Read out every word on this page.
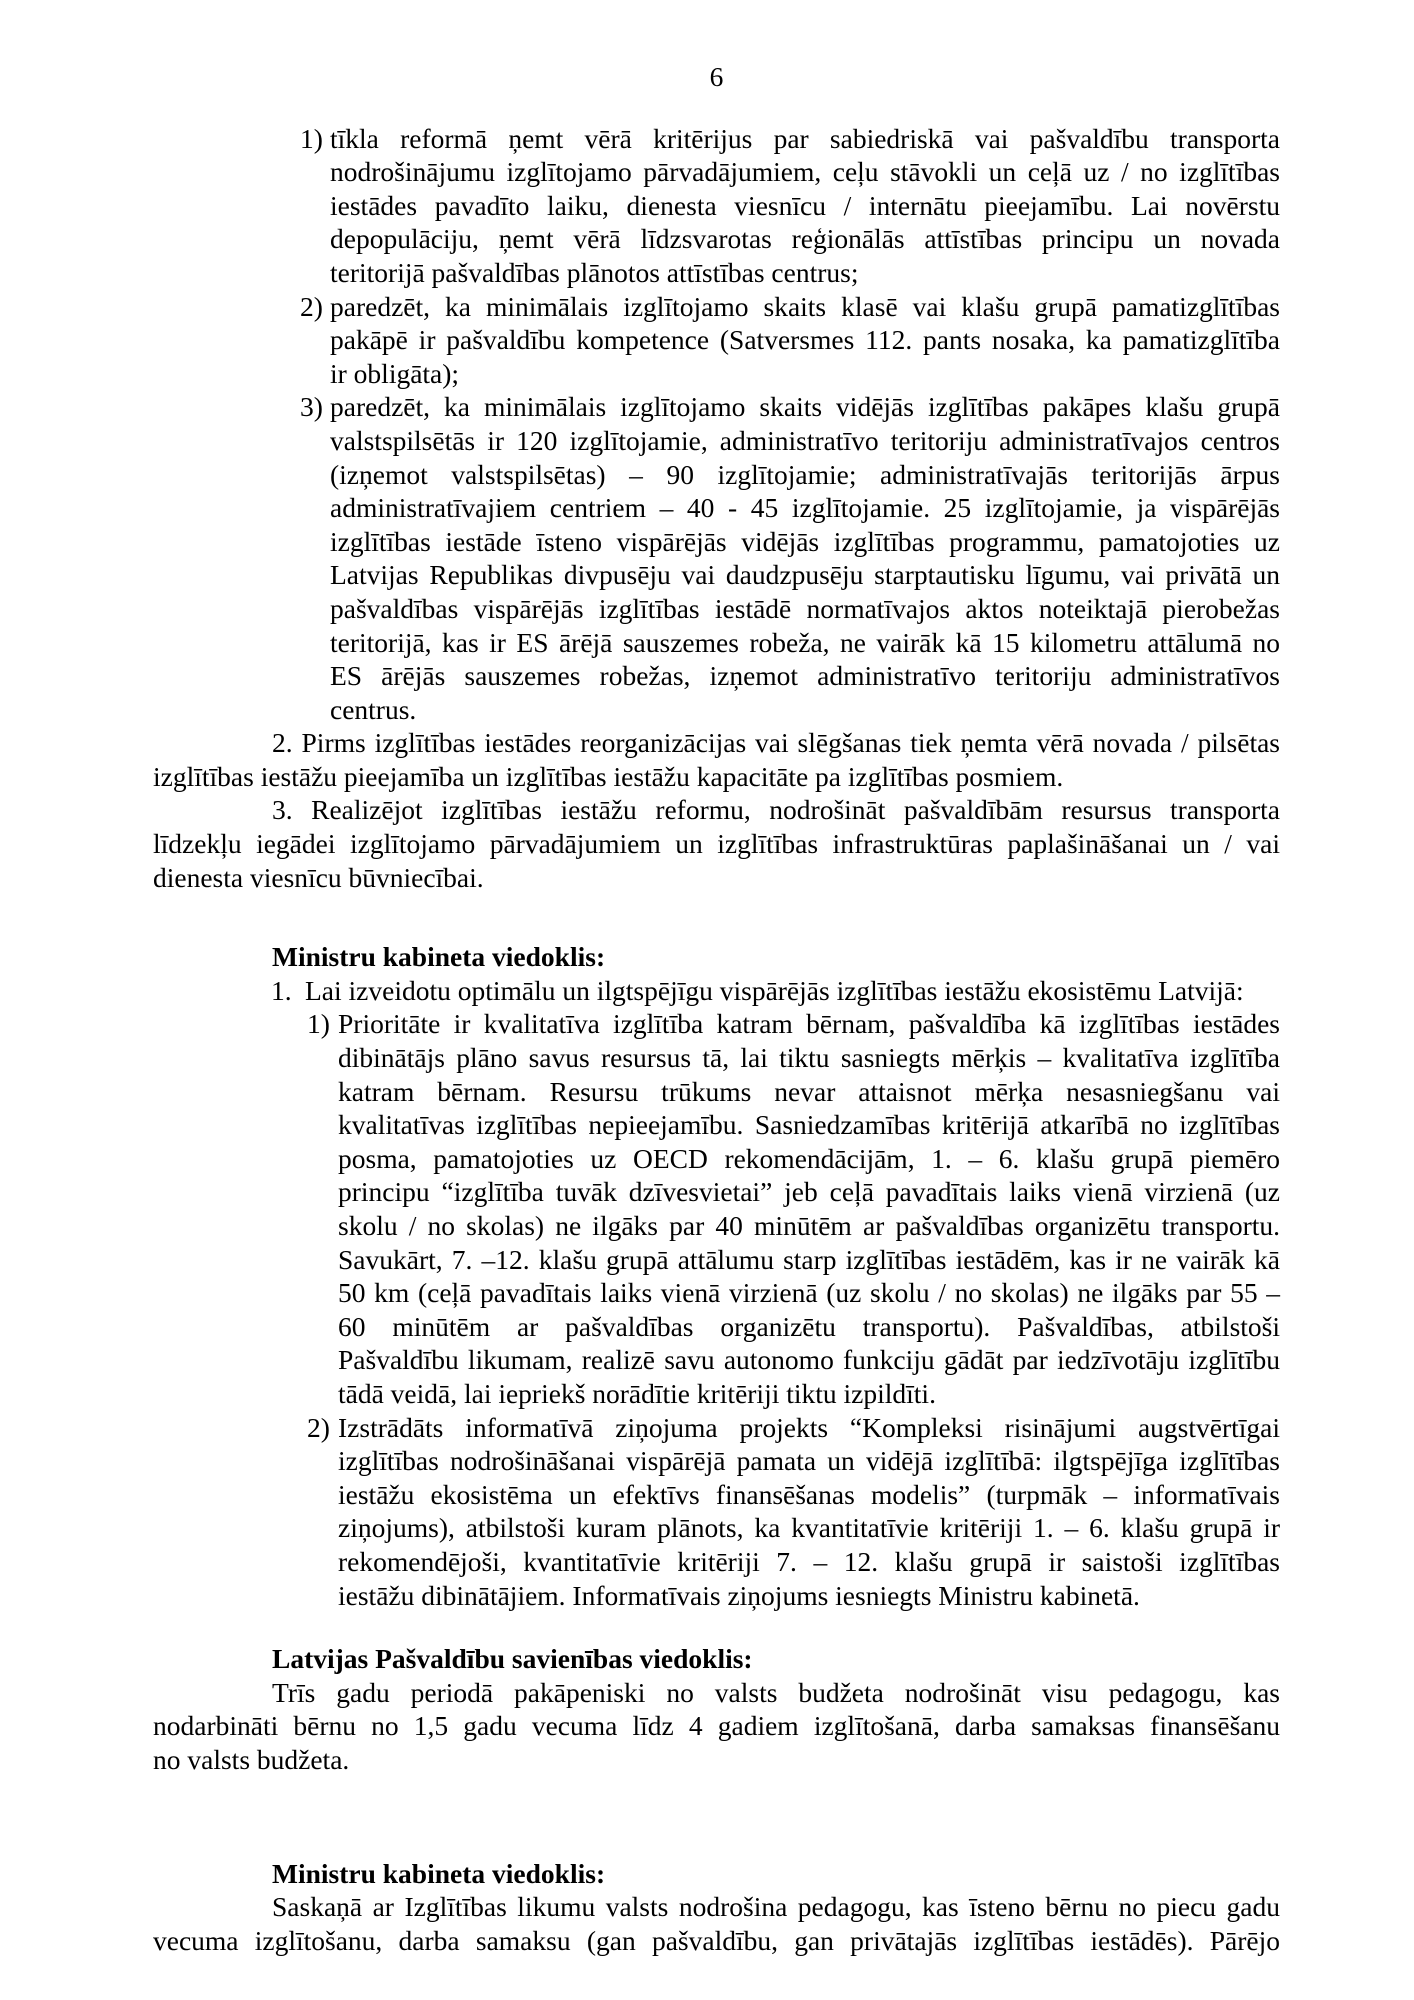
6
1) tīkla reformā ņemt vērā kritērijus par sabiedriskā vai pašvaldību transporta
nodrošinājumu izglītojamo pārvadājumiem, ceļu stāvokli un ceļā uz / no izglītības
iestādes pavadīto laiku, dienesta viesnīcu / internātu pieejamību. Lai novērstu
depopulāciju, ņemt vērā līdzsvarotas reģionālās attīstības principu un novada
teritorijā pašvaldības plānotos attīstības centrus;
2) paredzēt, ka minimālais izglītojamo skaits klasē vai klašu grupā pamatizglītības
pakāpē ir pašvaldību kompetence (Satversmes 112. pants nosaka, ka pamatizglītība
ir obligāta);
3) paredzēt, ka minimālais izglītojamo skaits vidējās izglītības pakāpes klašu grupā
valstspilsētās ir 120 izglītojamie, administratīvo teritoriju administratīvajos centros
(izņemot valstspilsētas) – 90 izglītojamie; administratīvajās teritorijās ārpus
administratīvajiem centriem – 40 - 45 izglītojamie. 25 izglītojamie, ja vispārējās
izglītības iestāde īsteno vispārējās vidējās izglītības programmu, pamatojoties uz
Latvijas Republikas divpusēju vai daudzpusēju starptautisku līgumu, vai privātā un
pašvaldības vispārējās izglītības iestādē normatīvajos aktos noteiktajā pierobežas
teritorijā, kas ir ES ārējā sauszemes robeža, ne vairāk kā 15 kilometru attālumā no
ES ārējās sauszemes robežas, izņemot administratīvo teritoriju administratīvos
centrus.
2. Pirms izglītības iestādes reorganizācijas vai slēgšanas tiek ņemta vērā novada / pilsētas
izglītības iestāžu pieejamība un izglītības iestāžu kapacitāte pa izglītības posmiem.
3. Realizējot izglītības iestāžu reformu, nodrošināt pašvaldībām resursus transporta
līdzekļu iegādei izglītojamo pārvadājumiem un izglītības infrastruktūras paplašināšanai un / vai
dienesta viesnīcu būvniecībai.
Ministru kabineta viedoklis:
1. Lai izveidotu optimālu un ilgtspējīgu vispārējās izglītības iestāžu ekosistēmu Latvijā:
1) Prioritāte ir kvalitatīva izglītība katram bērnam, pašvaldība kā izglītības iestādes
dibinātājs plāno savus resursus tā, lai tiktu sasniegts mērķis – kvalitatīva izglītība
katram bērnam. Resursu trūkums nevar attaisnot mērķa nesasniegšanu vai
kvalitatīvas izglītības nepieejamību. Sasniedzamības kritērijā atkarībā no izglītības
posma, pamatojoties uz OECD rekomendācijām, 1. – 6. klašu grupā piemēro
principu “izglītība tuvāk dzīvesvietai” jeb ceļā pavadītais laiks vienā virzienā (uz
skolu / no skolas) ne ilgāks par 40 minūtēm ar pašvaldības organizētu transportu.
Savukārt, 7. –12. klašu grupā attālumu starp izglītības iestādēm, kas ir ne vairāk kā
50 km (ceļā pavadītais laiks vienā virzienā (uz skolu / no skolas) ne ilgāks par 55 –
60 minūtēm ar pašvaldības organizētu transportu). Pašvaldības, atbilstoši
Pašvaldību likumam, realizē savu autonomo funkciju gādāt par iedzīvotāju izglītību
tādā veidā, lai iepriekš norādītie kritēriji tiktu izpildīti.
2) Izstrādāts informatīvā ziņojuma projekts “Kompleksi risinājumi augstvērtīgai
izglītības nodrošināšanai vispārējā pamata un vidējā izglītībā: ilgtspējīga izglītības
iestāžu ekosistēma un efektīvs finansēšanas modelis” (turpmāk – informatīvais
ziņojums), atbilstoši kuram plānots, ka kvantitatīvie kritēriji 1. – 6. klašu grupā ir
rekomendējoši, kvantitatīvie kritēriji 7. – 12. klašu grupā ir saistoši izglītības
iestāžu dibinātājiem. Informatīvais ziņojums iesniegts Ministru kabinetā.
Latvijas Pašvaldību savienības viedoklis:
Trīs gadu periodā pakāpeniski no valsts budžeta nodrošināt visu pedagogu, kas
nodarbināti bērnu no 1,5 gadu vecuma līdz 4 gadiem izglītošanā, darba samaksas finansēšanu
no valsts budžeta.
Ministru kabineta viedoklis:
Saskaņā ar Izglītības likumu valsts nodrošina pedagogu, kas īsteno bērnu no piecu gadu
vecuma izglītošanu, darba samaksu (gan pašvaldību, gan privātajās izglītības iestādēs). Pārējo
